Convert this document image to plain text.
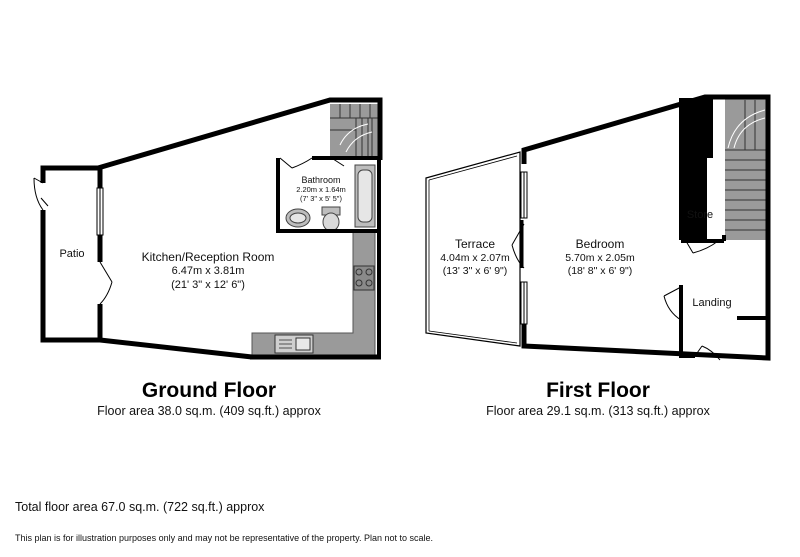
Patio	Kitchen/Reception Room
6.47m x 3.81m
(21' 3" x 12' 6")
Bathroom
2.20m x 1.64m
(7' 3" x 5' 5")
Ground Floor
Floor area 38.0 sq.m. (409 sq.ft.) approx
Terrace
4.04m x 2.07m
(13' 3" x 6' 9")
Bedroom
5.70m x 2.05m
(18' 8" x 6' 9")
Store
Landing
First Floor
Floor area 29.1 sq.m. (313 sq.ft.) approx
Total floor area 67.0 sq.m. (722 sq.ft.) approx
This plan is for illustration purposes only and may not be representative of the property. Plan not to scale.
